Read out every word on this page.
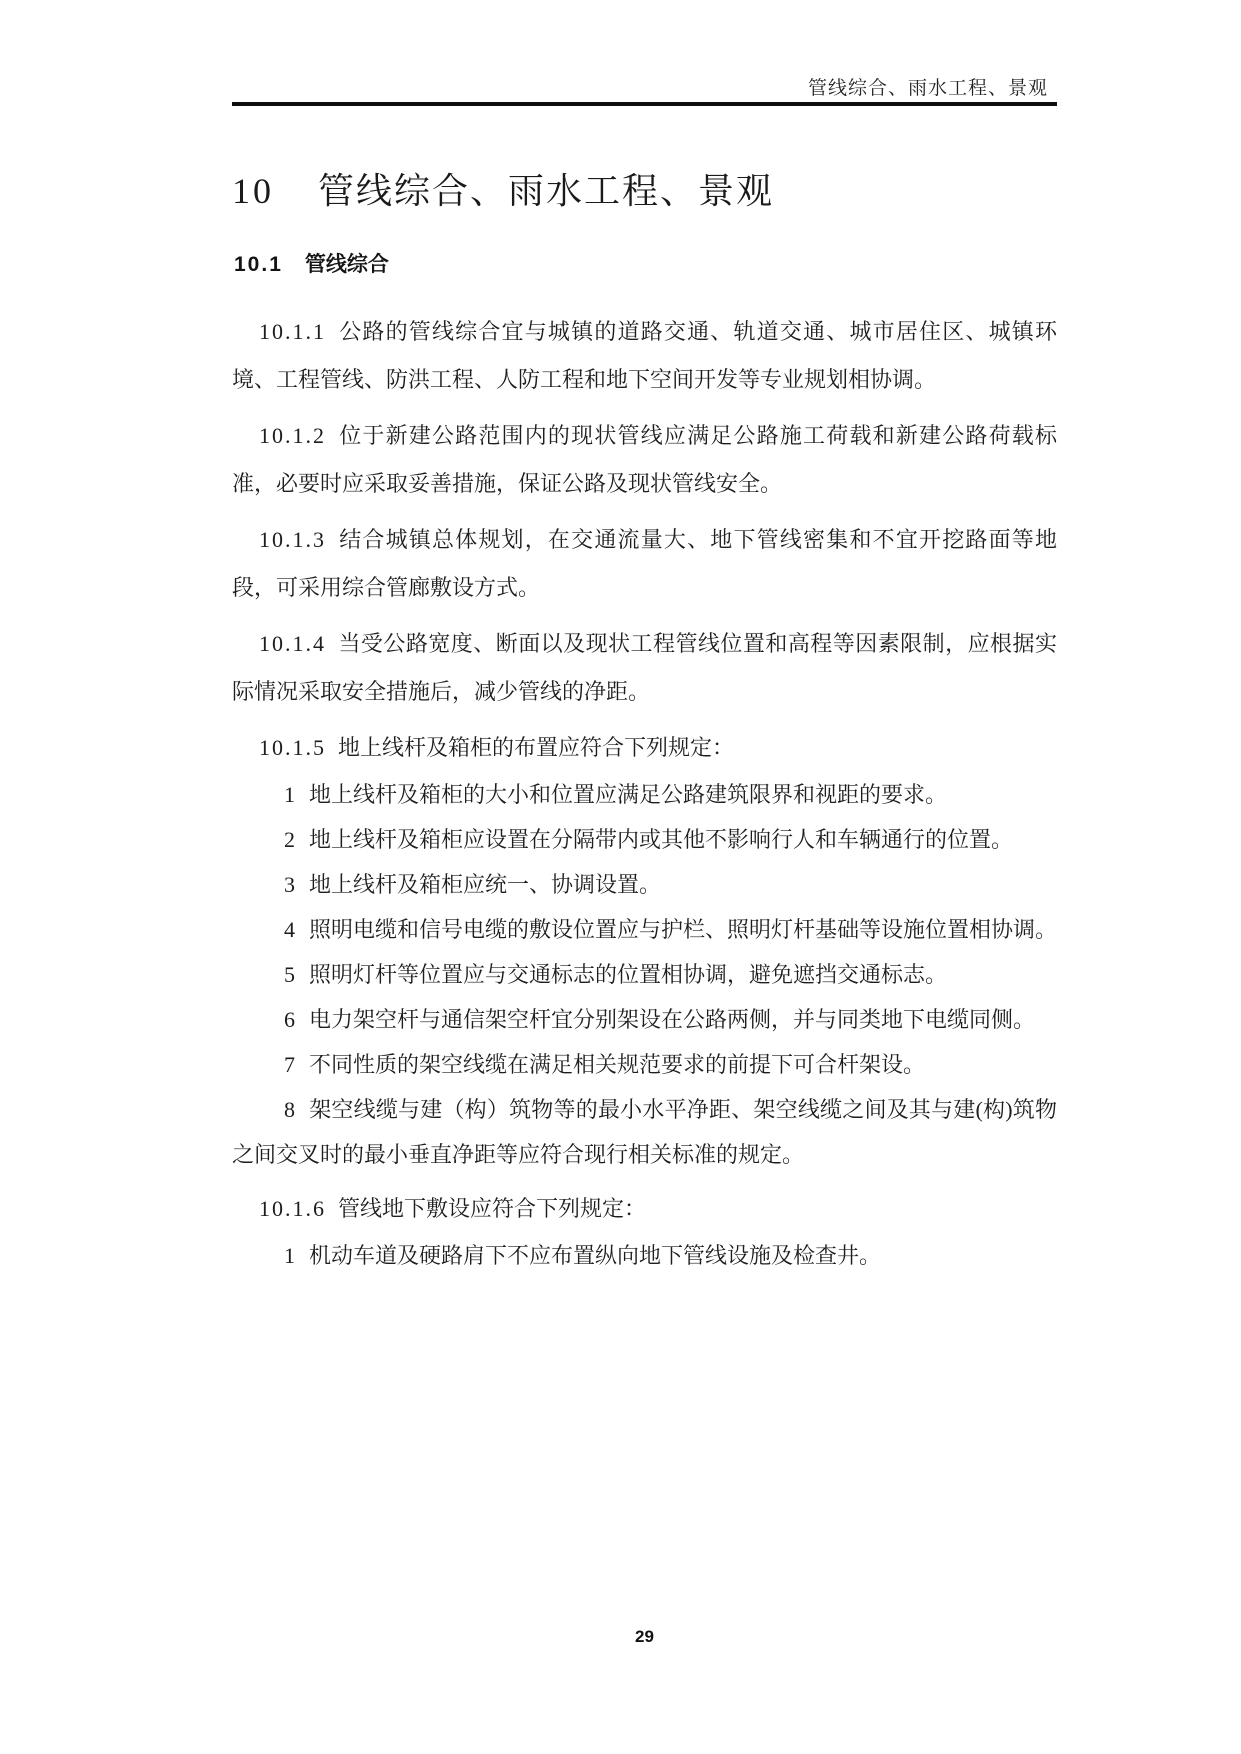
管线综合、雨水工程、景观
10 管线综合、雨水工程、景观
10.1 管线综合

10.1.1 公路的管线综合宜与城镇的道路交通、轨道交通、城市居住区、城镇环境、工程管线、防洪工程、人防工程和地下空间开发等专业规划相协调。

10.1.2 位于新建公路范围内的现状管线应满足公路施工荷载和新建公路荷载标准，必要时应采取妥善措施，保证公路及现状管线安全。

10.1.3 结合城镇总体规划，在交通流量大、地下管线密集和不宜开挖路面等地段，可采用综合管廊敷设方式。

10.1.4 当受公路宽度、断面以及现状工程管线位置和高程等因素限制，应根据实际情况采取安全措施后，减少管线的净距。

10.1.5 地上线杆及箱柜的布置应符合下列规定：

1 地上线杆及箱柜的大小和位置应满足公路建筑限界和视距的要求。

2 地上线杆及箱柜应设置在分隔带内或其他不影响行人和车辆通行的位置。

3 地上线杆及箱柜应统一、协调设置。

4 照明电缆和信号电缆的敷设位置应与护栏、照明灯杆基础等设施位置相协调。

5 照明灯杆等位置应与交通标志的位置相协调，避免遮挡交通标志。

6 电力架空杆与通信架空杆宜分别架设在公路两侧，并与同类地下电缆同侧。

7 不同性质的架空线缆在满足相关规范要求的前提下可合杆架设。

8 架空线缆与建（构）筑物等的最小水平净距、架空线缆之间及其与建(构)筑物之间交叉时的最小垂直净距等应符合现行相关标准的规定。

10.1.6 管线地下敷设应符合下列规定：

1 机动车道及硬路肩下不应布置纵向地下管线设施及检查井。

29
